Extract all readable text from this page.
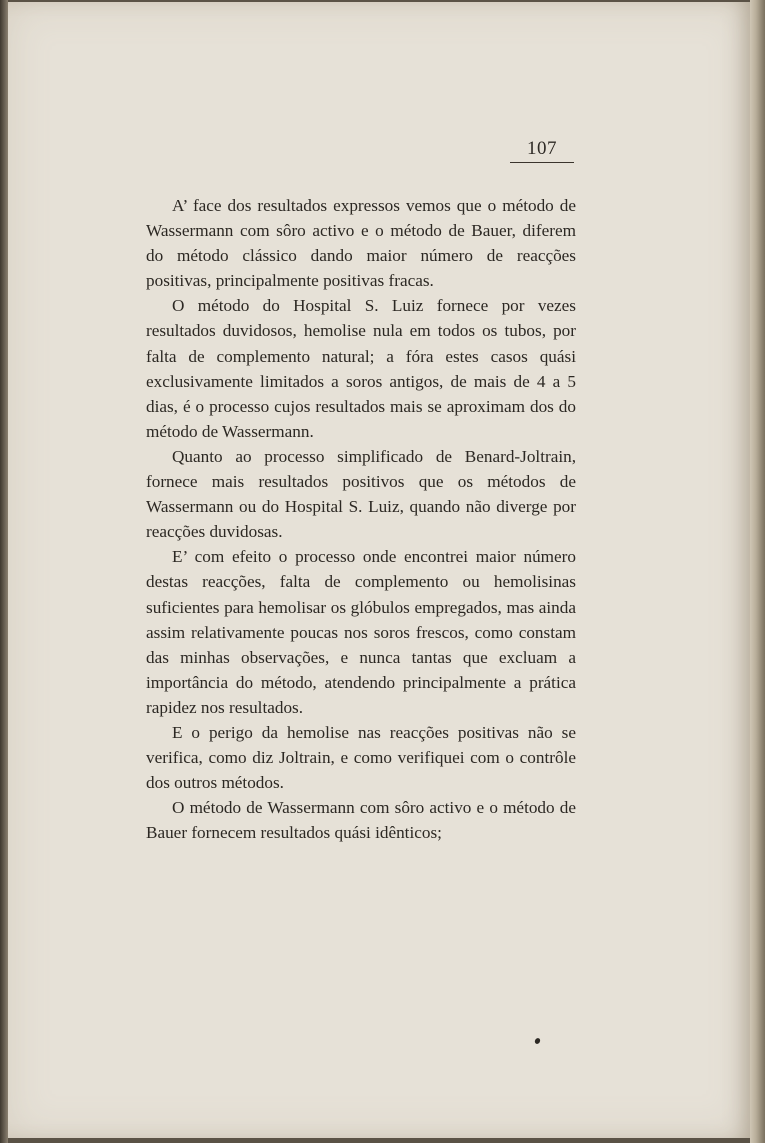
107

A’ face dos resultados expressos vemos que o método de Wassermann com sôro activo e o método de Bauer, diferem do método clássico dando maior número de reacções positivas, principalmente positivas fracas.

O método do Hospital S. Luiz fornece por vezes resultados duvidosos, hemolise nula em todos os tubos, por falta de complemento natural; a fóra estes casos quási exclusivamente limitados a soros antigos, de mais de 4 a 5 dias, é o processo cujos resultados mais se aproximam dos do método de Wassermann.

Quanto ao processo simplificado de Benard-Joltrain, fornece mais resultados positivos que os métodos de Wassermann ou do Hospital S. Luiz, quando não diverge por reacções duvidosas.

E’ com efeito o processo onde encontrei maior número destas reacções, falta de complemento ou hemolisinas suficientes para hemolisar os glóbulos empregados, mas ainda assim relativamente poucas nos soros frescos, como constam das minhas observações, e nunca tantas que excluam a importância do método, atendendo principalmente a prática rapidez nos resultados.

E o perigo da hemolise nas reacções positivas não se verifica, como diz Joltrain, e como verifiquei com o contrôle dos outros métodos.

O método de Wassermann com sôro activo e o método de Bauer fornecem resultados quási idênticos;
